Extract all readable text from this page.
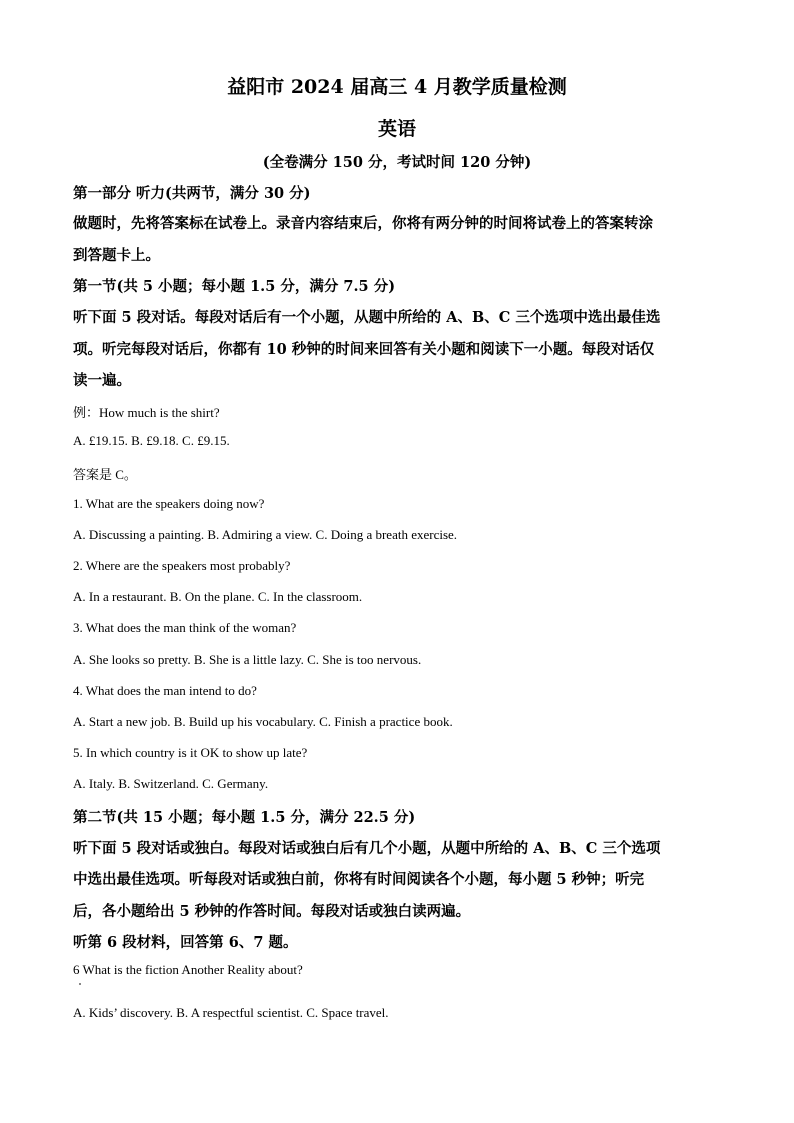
益阳市 2024 届高三 4 月教学质量检测
英语
(全卷满分 150 分，考试时间 120 分钟)
第一部分 听力(共两节，满分 30 分)
做题时，先将答案标在试卷上。录音内容结束后，你将有两分钟的时间将试卷上的答案转涂
到答题卡上。
第一节(共 5 小题；每小题 1.5 分，满分 7.5 分)
听下面 5 段对话。每段对话后有一个小题，从题中所给的 A、B、C 三个选项中选出最佳选
项。听完每段对话后，你都有 10 秒钟的时间来回答有关小题和阅读下一小题。每段对话仅
读一遍。
例：How much is the shirt?
A. £19.15. B. £9.18. C. £9.15.
答案是 C。
1. What are the speakers doing now?
A. Discussing a painting. B. Admiring a view. C. Doing a breath exercise.
2. Where are the speakers most probably?
A. In a restaurant. B. On the plane. C. In the classroom.
3. What does the man think of the woman?
A. She looks so pretty. B. She is a little lazy. C. She is too nervous.
4. What does the man intend to do?
A. Start a new job. B. Build up his vocabulary. C. Finish a practice book.
5. In which country is it OK to show up late?
A. Italy. B. Switzerland. C. Germany.
第二节(共 15 小题；每小题 1.5 分，满分 22.5 分)
听下面 5 段对话或独白。每段对话或独白后有几个小题，从题中所给的 A、B、C 三个选项
中选出最佳选项。听每段对话或独白前，你将有时间阅读各个小题，每小题 5 秒钟；听完
后，各小题给出 5 秒钟的作答时间。每段对话或独白读两遍。
听第 6 段材料，回答第 6、7 题。
6 What is the fiction Another Reality about?
A. Kids’ discovery. B. A respectful scientist. C. Space travel.
